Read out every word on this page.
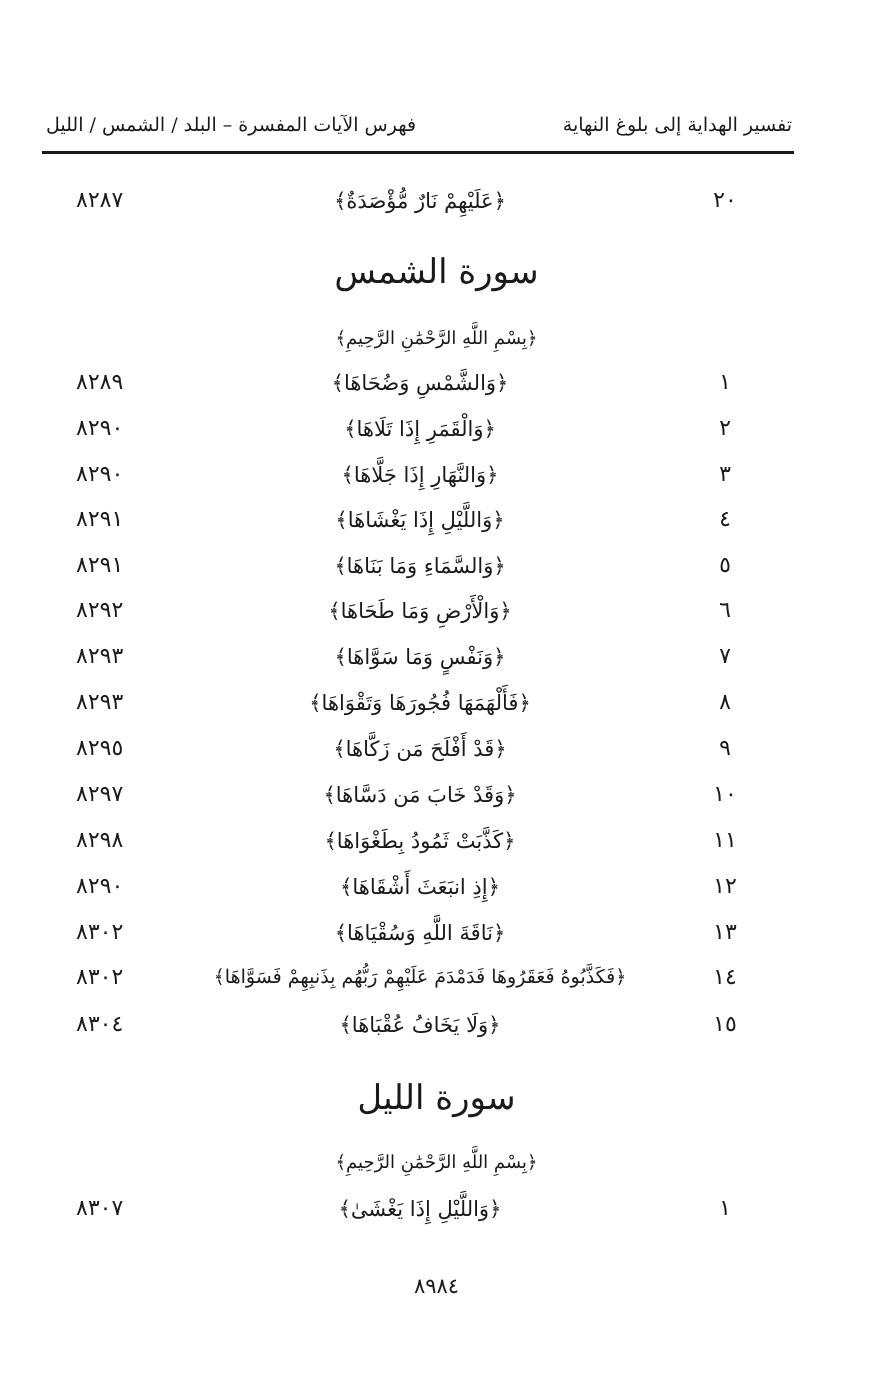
تفسير الهداية إلى بلوغ النهاية
فهرس الآيات المفسرة – البلد / الشمس / الليل
٢٠
﴿عَلَيْهِمْ نَارٌ مُّؤْصَدَةٌ﴾
٨٢٨٧
سورة الشمس
﴿بِسْمِ اللَّهِ الرَّحْمَٰنِ الرَّحِيمِ﴾
١
﴿وَالشَّمْسِ وَضُحَاهَا﴾
٨٢٨٩
٢
﴿وَالْقَمَرِ إِذَا تَلَاهَا﴾
٨٢٩٠
٣
﴿وَالنَّهَارِ إِذَا جَلَّاهَا﴾
٨٢٩٠
٤
﴿وَاللَّيْلِ إِذَا يَغْشَاهَا﴾
٨٢٩١
٥
﴿وَالسَّمَاءِ وَمَا بَنَاهَا﴾
٨٢٩١
٦
﴿وَالْأَرْضِ وَمَا طَحَاهَا﴾
٨٢٩٢
٧
﴿وَنَفْسٍ وَمَا سَوَّاهَا﴾
٨٢٩٣
٨
﴿فَأَلْهَمَهَا فُجُورَهَا وَتَقْوَاهَا﴾
٨٢٩٣
٩
﴿قَدْ أَفْلَحَ مَن زَكَّاهَا﴾
٨٢٩٥
١٠
﴿وَقَدْ خَابَ مَن دَسَّاهَا﴾
٨٢٩٧
١١
﴿كَذَّبَتْ ثَمُودُ بِطَغْوَاهَا﴾
٨٢٩٨
١٢
﴿إِذِ انبَعَثَ أَشْقَاهَا﴾
٨٢٩٠
١٣
﴿نَاقَةَ اللَّهِ وَسُقْيَاهَا﴾
٨٣٠٢
١٤
﴿فَكَذَّبُوهُ فَعَقَرُوهَا فَدَمْدَمَ عَلَيْهِمْ رَبُّهُم بِذَنبِهِمْ فَسَوَّاهَا﴾
٨٣٠٢
١٥
﴿وَلَا يَخَافُ عُقْبَاهَا﴾
٨٣٠٤
سورة الليل
﴿بِسْمِ اللَّهِ الرَّحْمَٰنِ الرَّحِيمِ﴾
١
﴿وَاللَّيْلِ إِذَا يَغْشَىٰ﴾
٨٣٠٧
٨٩٨٤
